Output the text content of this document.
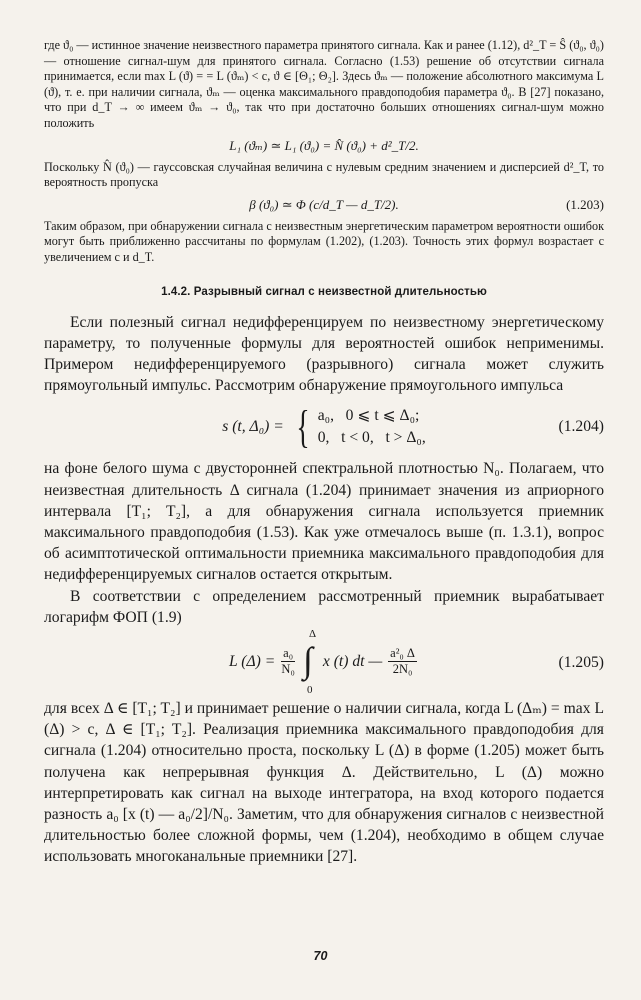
где ϑ₀ — истинное значение неизвестного параметра принятого сигнала. Как и ранее (1.12), d²_T = Ŝ (ϑ₀, ϑ₀) — отношение сигнал-шум для принятого сигнала. Согласно (1.53) решение об отсутствии сигнала принимается, если max L (ϑ) = = L (ϑₘ) < c, ϑ ∈ [Θ₁; Θ₂]. Здесь ϑₘ — положение абсолютного максимума L (ϑ), т. е. при наличии сигнала, ϑₘ — оценка максимального правдоподобия параметра ϑ₀. В [27] показано, что при d_T → ∞ имеем ϑₘ → ϑ₀, так что при достаточно больших отношениях сигнал-шум можно положить

L₁ (ϑₘ) ≃ L₁ (ϑ₀) = N̂ (ϑ₀) + d²_T/2.

Поскольку N̂ (ϑ₀) — гауссовская случайная величина с нулевым средним значением и дисперсией d²_T, то вероятность пропуска

β (ϑ₀) ≃ Φ (c/d_T — d_T/2).	(1.203)

Таким образом, при обнаружении сигнала с неизвестным энергетическим параметром вероятности ошибок могут быть приближенно рассчитаны по формулам (1.202), (1.203). Точность этих формул возрастает с увеличением c и d_T.

1.4.2. Разрывный сигнал с неизвестной длительностью

Если полезный сигнал недифференцируем по неизвестному энергетическому параметру, то полученные формулы для вероятностей ошибок неприменимы. Примером недифференцируемого (разрывного) сигнала может служить прямоугольный импульс. Рассмотрим обнаружение прямоугольного импульса

s (t, Δ₀) = { a₀,   0 ⩽ t ⩽ Δ₀;
0,   t < 0,   t > Δ₀,
(1.204)

на фоне белого шума с двусторонней спектральной плотностью N₀. Полагаем, что неизвестная длительность Δ сигнала (1.204) принимает значения из априорного интервала [T₁; T₂], а для обнаружения сигнала используется приемник максимального правдоподобия (1.53). Как уже отмечалось выше (п. 1.3.1), вопрос об асимптотической оптимальности приемника максимального правдоподобия для недифференцируемых сигналов остается открытым.

В соответствии с определением рассмотренный приемник вырабатывает логарифм ФОП (1.9)

L $(\Delta) = \frac{\text{a₀}}{\text{N₀}}$

Δ
∫
0
x (t) dt — $\frac{\text{a²₀ Δ}}{\text{2N₀}}$	(1.205)

для всех Δ ∈ [T₁; T₂] и принимает решение о наличии сигнала, когда L (Δₘ) = max L (Δ) > c, Δ ∈ [T₁; T₂]. Реализация приемника максимального правдоподобия для сигнала (1.204) относительно проста, поскольку L (Δ) в форме (1.205) может быть получена как непрерывная функция Δ. Действительно, L (Δ) можно интерпретировать как сигнал на выходе интегратора, на вход которого подается разность a₀ [x (t) — a₀/2]/N₀. Заметим, что для обнаружения сигналов с неизвестной длительностью более сложной формы, чем (1.204), необходимо в общем случае использовать многоканальные приемники [27].

70
